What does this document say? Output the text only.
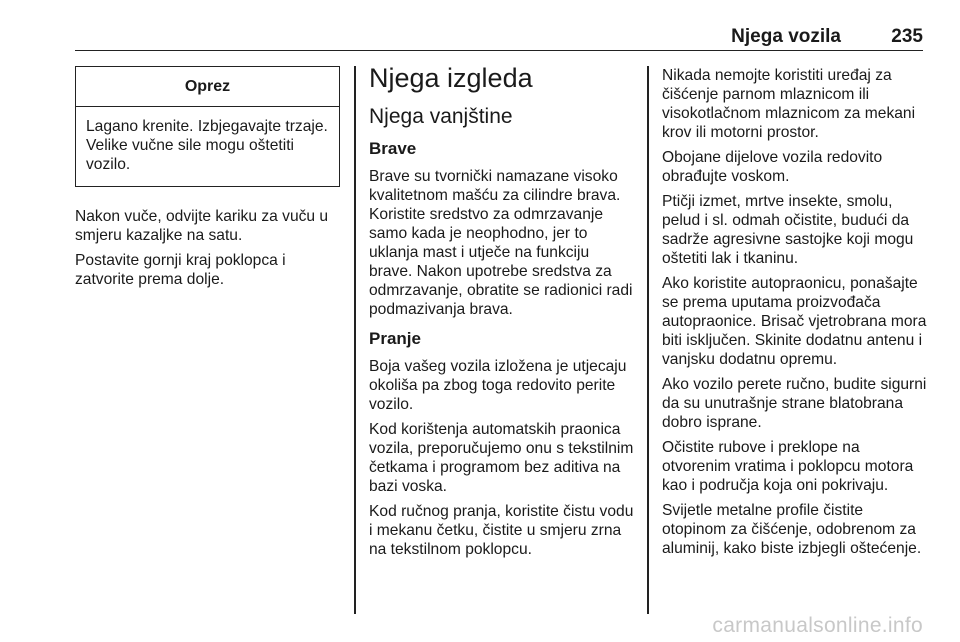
Njega vozila	235
Oprez
Lagano krenite. Izbjegavajte trzaje. Velike vučne sile mogu oštetiti vozilo.

Nakon vuče, odvijte kariku za vuču u smjeru kazaljke na satu.

Postavite gornji kraj poklopca i zatvorite prema dolje.

Njega izgleda
Njega vanjštine
Brave

Brave su tvornički namazane visoko kvalitetnom mašću za cilindre brava. Koristite sredstvo za odmrzavanje samo kada je neophodno, jer to uklanja mast i utječe na funkciju brave. Nakon upotrebe sredstva za odmrzavanje, obratite se radionici radi podmazivanja brava.

Pranje

Boja vašeg vozila izložena je utjecaju okoliša pa zbog toga redovito perite vozilo.

Kod korištenja automatskih praonica vozila, preporučujemo onu s tekstilnim četkama i programom bez aditiva na bazi voska.

Kod ručnog pranja, koristite čistu vodu i mekanu četku, čistite u smjeru zrna na tekstilnom poklopcu.

Nikada nemojte koristiti uređaj za čišćenje parnom mlaznicom ili visokotlačnom mlaznicom za mekani krov ili motorni prostor.

Obojane dijelove vozila redovito obrađujte voskom.

Ptičji izmet, mrtve insekte, smolu, pelud i sl. odmah očistite, budući da sadrže agresivne sastojke koji mogu oštetiti lak i tkaninu.

Ako koristite autopraonicu, ponašajte se prema uputama proizvođača autopraonice. Brisač vjetrobrana mora biti isključen. Skinite dodatnu antenu i vanjsku dodatnu opremu.

Ako vozilo perete ručno, budite sigurni da su unutrašnje strane blatobrana dobro isprane.

Očistite rubove i preklope na otvorenim vratima i poklopcu motora kao i područja koja oni pokrivaju.

Svijetle metalne profile čistite otopinom za čišćenje, odobrenom za aluminij, kako biste izbjegli oštećenje.

carmanualsonline.info
